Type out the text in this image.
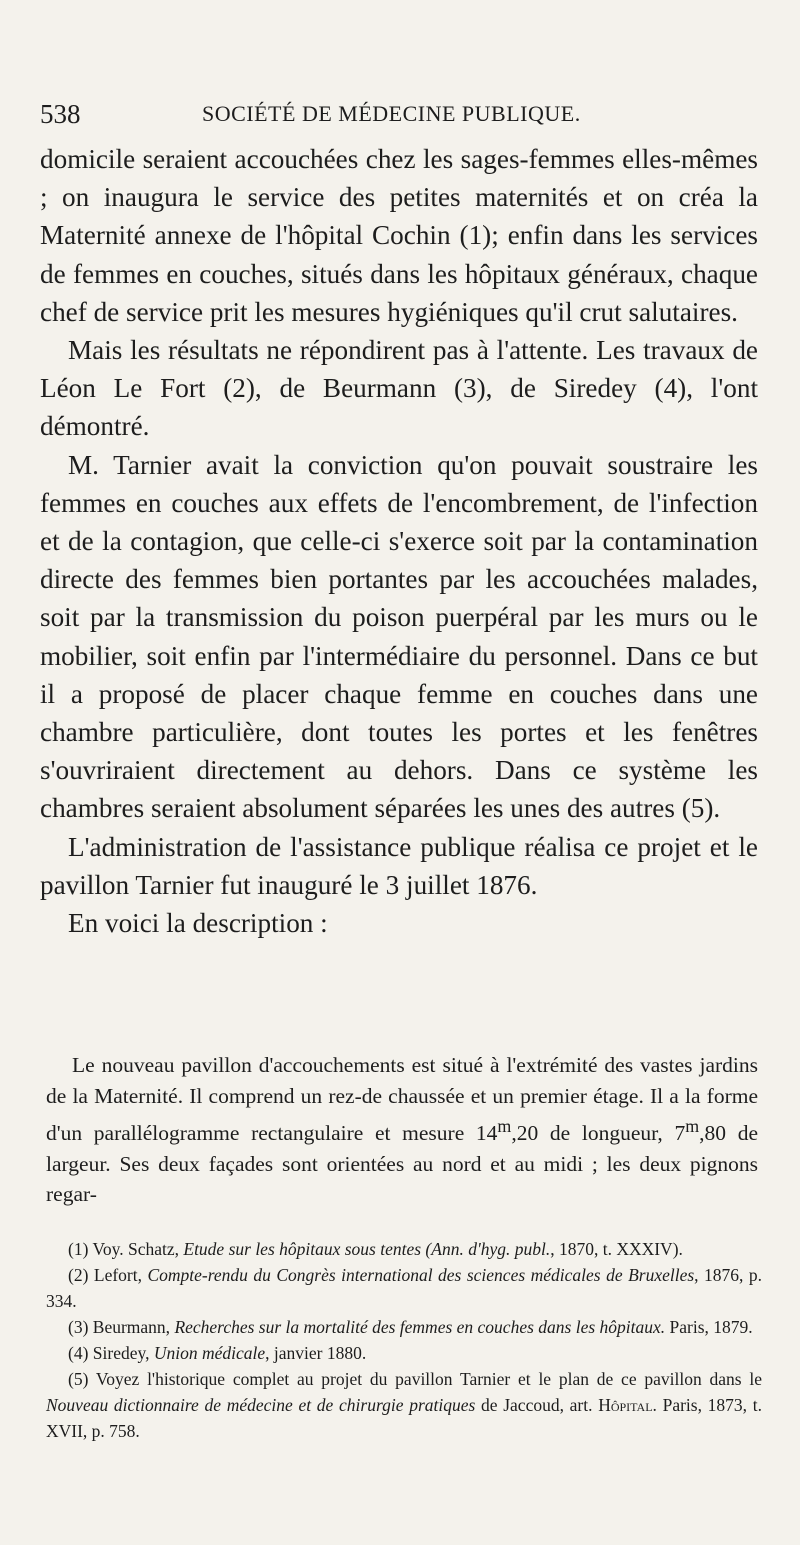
538	SOCIÉTÉ DE MÉDECINE PUBLIQUE.

domicile seraient accouchées chez les sages-femmes elles-mêmes ; on inaugura le service des petites maternités et on créa la Maternité annexe de l'hôpital Cochin (1); enfin dans les services de femmes en couches, situés dans les hôpitaux généraux, chaque chef de service prit les mesures hygiéniques qu'il crut salutaires.

Mais les résultats ne répondirent pas à l'attente. Les travaux de Léon Le Fort (2), de Beurmann (3), de Siredey (4), l'ont démontré.

M. Tarnier avait la conviction qu'on pouvait soustraire les femmes en couches aux effets de l'encombrement, de l'infection et de la contagion, que celle-ci s'exerce soit par la contamination directe des femmes bien portantes par les accouchées malades, soit par la transmission du poison puerpéral par les murs ou le mobilier, soit enfin par l'intermédiaire du personnel. Dans ce but il a proposé de placer chaque femme en couches dans une chambre particulière, dont toutes les portes et les fenêtres s'ouvriraient directement au dehors. Dans ce système les chambres seraient absolument séparées les unes des autres (5).

L'administration de l'assistance publique réalisa ce projet et le pavillon Tarnier fut inauguré le 3 juillet 1876.

En voici la description :

Le nouveau pavillon d'accouchements est situé à l'extrémité des vastes jardins de la Maternité. Il comprend un rez-de chaussée et un premier étage. Il a la forme d'un parallélogramme rectangulaire et mesure 14$^m$,20 de longueur, 7$^m$,80 de largeur. Ses deux façades sont orientées au nord et au midi ; les deux pignons regar-

(1) Voy. Schatz, Etude sur les hôpitaux sous tentes (Ann. d'hyg. publ., 1870, t. XXXIV).

(2) Lefort, Compte-rendu du Congrès international des sciences médicales de Bruxelles, 1876, p. 334.

(3) Beurmann, Recherches sur la mortalité des femmes en couches dans les hôpitaux. Paris, 1879.

(4) Siredey, Union médicale, janvier 1880.

(5) Voyez l'historique complet au projet du pavillon Tarnier et le plan de ce pavillon dans le Nouveau dictionnaire de médecine et de chirurgie pratiques de Jaccoud, art. Hôpital. Paris, 1873, t. XVII, p. 758.
